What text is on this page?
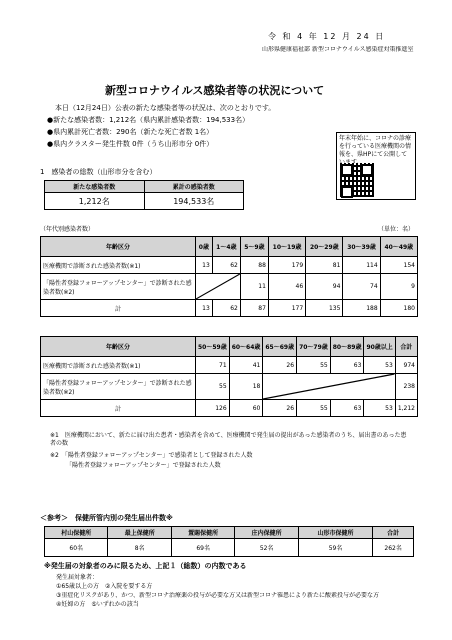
令 和 4 年 12 月 24 日
山形県健康福祉部 新型コロナウイルス感染症対策推進室
新型コロナウイルス感染者等の状況について
本日（12月24日）公表の新たな感染者等の状況は、次のとおりです。
●新たな感染者数：1,212名（県内累計感染者数：194,533名）
●県内累計死亡者数：290名（新たな死亡者数 1名）
●県内クラスター発生件数 0件（うち山形市分 0件）
年末年始に、コロナの診療を行っている医療機関の情報を、県HPにて公開して
1　感染者の総数（山形市分を含む）
新たな感染者数	累計の感染者数
1,212名	194,533名
（年代別感染者数）	（単位：名）
年齢区分	0歳	1～4歳	5～9歳	10～19歳	20～29歳	30～39歳	40～49歳
医療機関で診断された感染者数(※1)	13	62	88	179	81	114	154
「陽性者登録フォローアップセンター」で診断された感染者数(※2)			11	46	94	74	9
計	13	62	87	177	135	188	180
年齢区分	50～59歳	60～64歳	65～69歳	70～79歳	80～89歳	90歳以上	合計
医療機関で診断された感染者数(※1)	71	41	26	55	63	53	974
「陽性者登録フォローアップセンター」で診断された感染者数(※2)	55	18					238
計	126	60	26	55	63	53	1,212
※1　医療機関において、新たに届け出た患者・感染者を含めて、医療機関で発生届の提出があった感染者のうち、届出書のあった患者の数
※2　「陽性者登録フォローアップセンター」で感染者として登録された人数
「陽性者登録フォローアップセンター」で登録された人数
＜参考＞　保健所管内別の発生届出件数※
村山保健所	最上保健所	置賜保健所	庄内保健所	山形市保健所	合計
60名	8名	69名	52名	59名	262名
※発生届の対象者のみに限るため、上記１（総数）の内数である
発生届対象者：
①65歳以上の方　②入院を要する方
③重症化リスクがあり、かつ、新型コロナ治療薬の投与が必要な方又は新型コロナ罹患により新たに酸素投与が必要な方
④妊婦の方　⑤いずれかの該当
